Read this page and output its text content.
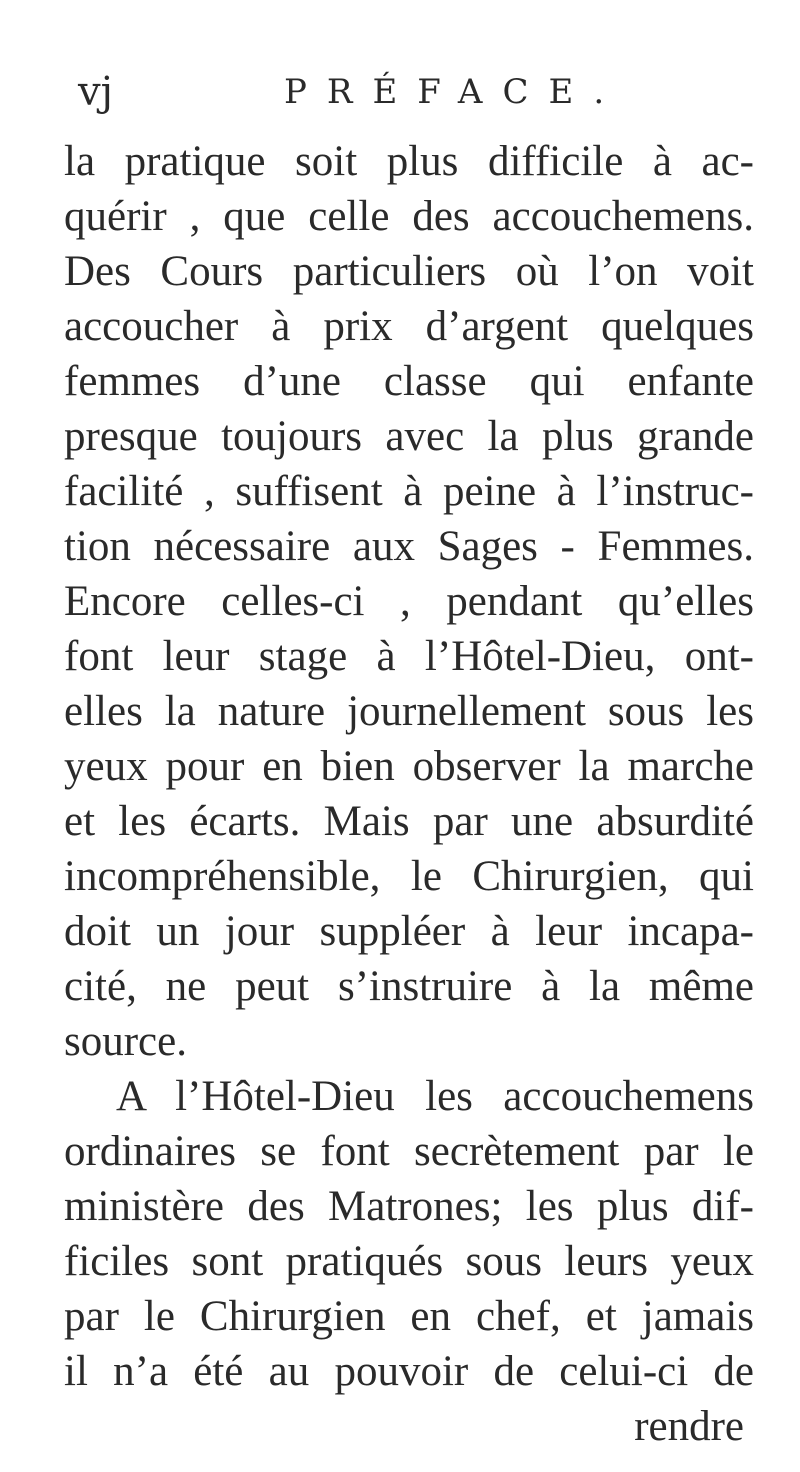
vj	PRÉFACE.
la pratique soit plus difficile à ac-
quérir , que celle des accouchemens.
Des Cours particuliers où l’on voit
accoucher à prix d’argent quelques
femmes d’une classe qui enfante
presque toujours avec la plus grande
facilité , suffisent à peine à l’instruc-
tion nécessaire aux Sages - Femmes.
Encore celles-ci , pendant qu’elles
font leur stage à l’Hôtel-Dieu, ont-
elles la nature journellement sous les
yeux pour en bien observer la marche
et les écarts. Mais par une absurdité
incompréhensible, le Chirurgien, qui
doit un jour suppléer à leur incapa-
cité, ne peut s’instruire à la même
source.
A l’Hôtel-Dieu les accouchemens
ordinaires se font secrètement par le
ministère des Matrones; les plus dif-
ficiles sont pratiqués sous leurs yeux
par le Chirurgien en chef, et jamais
il n’a été au pouvoir de celui-ci de
rendre
